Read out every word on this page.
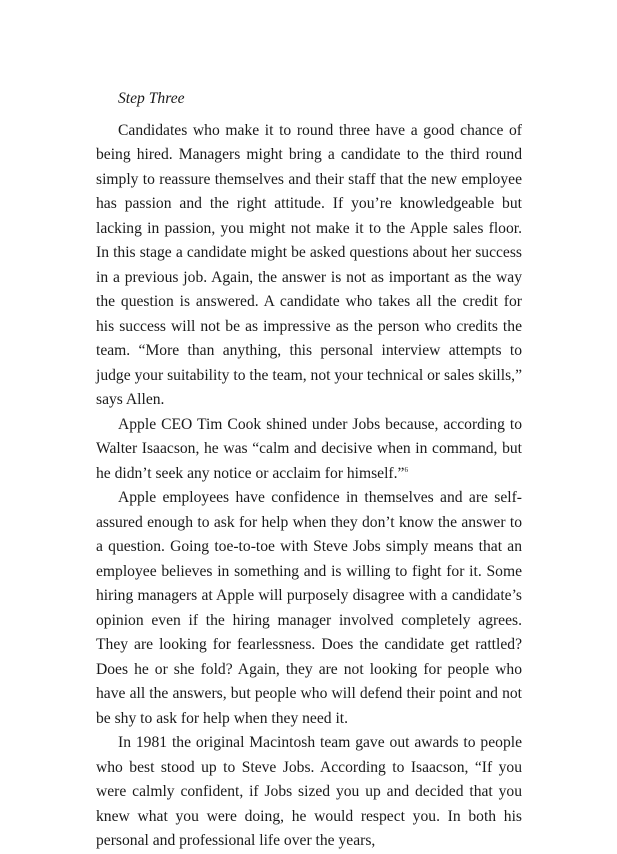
Step Three

Candidates who make it to round three have a good chance of being hired. Managers might bring a candidate to the third round simply to reassure themselves and their staff that the new employee has passion and the right attitude. If you’re knowledgeable but lacking in passion, you might not make it to the Apple sales floor. In this stage a candidate might be asked questions about her success in a previous job. Again, the answer is not as important as the way the question is answered. A candidate who takes all the credit for his success will not be as impressive as the person who credits the team. “More than anything, this personal interview attempts to judge your suitability to the team, not your technical or sales skills,” says Allen.

Apple CEO Tim Cook shined under Jobs because, according to Walter Isaacson, he was “calm and decisive when in command, but he didn’t seek any notice or acclaim for himself.”$^6$

Apple employees have confidence in themselves and are self-assured enough to ask for help when they don’t know the answer to a question. Going toe-to-toe with Steve Jobs simply means that an employee believes in something and is willing to fight for it. Some hiring managers at Apple will purposely disagree with a candidate’s opinion even if the hiring manager involved completely agrees. They are looking for fearlessness. Does the candidate get rattled? Does he or she fold? Again, they are not looking for people who have all the answers, but people who will defend their point and not be shy to ask for help when they need it.

In 1981 the original Macintosh team gave out awards to people who best stood up to Steve Jobs. According to Isaacson, “If you were calmly confident, if Jobs sized you up and decided that you knew what you were doing, he would respect you. In both his personal and professional life over the years,
